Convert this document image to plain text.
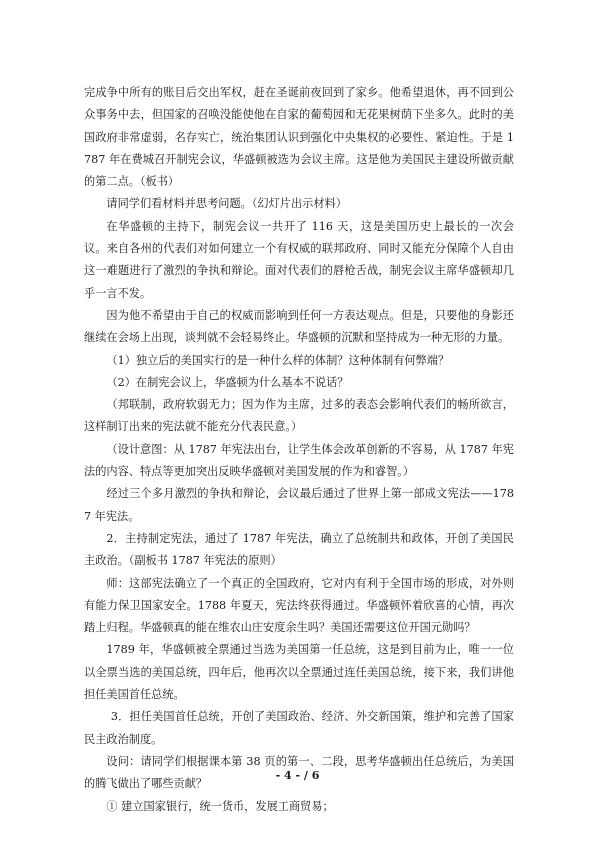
完成争中所有的账目后交出军权，赶在圣诞前夜回到了家乡。他希望退休，再不回到公众事务中去，但国家的召唤没能使他在自家的葡萄园和无花果树荫下坐多久。此时的美国政府非常虚弱，名存实亡，统治集团认识到强化中央集权的必要性、紧迫性。于是 1787 年在费城召开制宪会议，华盛顿被选为会议主席。这是他为美国民主建设所做贡献的第二点。（板书）

请同学们看材料并思考问题。（幻灯片出示材料）

在华盛顿的主持下，制宪会议一共开了 116 天，这是美国历史上最长的一次会议。来自各州的代表们对如何建立一个有权威的联邦政府、同时又能充分保障个人自由这一难题进行了激烈的争执和辩论。面对代表们的唇枪舌战，制宪会议主席华盛顿却几乎一言不发。

因为他不希望由于自己的权威而影响到任何一方表达观点。但是，只要他的身影还继续在会场上出现，谈判就不会轻易终止。华盛顿的沉默和坚持成为一种无形的力量。

（1）独立后的美国实行的是一种什么样的体制？这种体制有何弊端？

（2）在制宪会议上，华盛顿为什么基本不说话？

（邦联制，政府软弱无力；因为作为主席，过多的表态会影响代表们的畅所欲言，这样制订出来的宪法就不能充分代表民意。）

（设计意图：从 1787 年宪法出台，让学生体会改革创新的不容易，从 1787 年宪法的内容、特点等更加突出反映华盛顿对美国发展的作为和睿智。）

经过三个多月激烈的争执和辩论，会议最后通过了世界上第一部成文宪法——1787 年宪法。

2．主持制定宪法，通过了 1787 年宪法，确立了总统制共和政体，开创了美国民主政治。（副板书 1787 年宪法的原则）

师：这部宪法确立了一个真正的全国政府，它对内有利于全国市场的形成，对外则有能力保卫国家安全。1788 年夏天，宪法终获得通过。华盛顿怀着欣喜的心情，再次踏上归程。华盛顿真的能在维农山庄安度余生吗？美国还需要这位开国元勋吗？

1789 年，华盛顿被全票通过当选为美国第一任总统，这是到目前为止，唯一一位以全票当选的美国总统，四年后，他再次以全票通过连任美国总统，接下来，我们讲他担任美国首任总统。

3．担任美国首任总统，开创了美国政治、经济、外交新国策，维护和完善了国家民主政治制度。

设问：请同学们根据课本第 38 页的第一、二段，思考华盛顿出任总统后，为美国的腾飞做出了哪些贡献？

① 建立国家银行，统一货币，发展工商贸易；

- 4 - / 6
